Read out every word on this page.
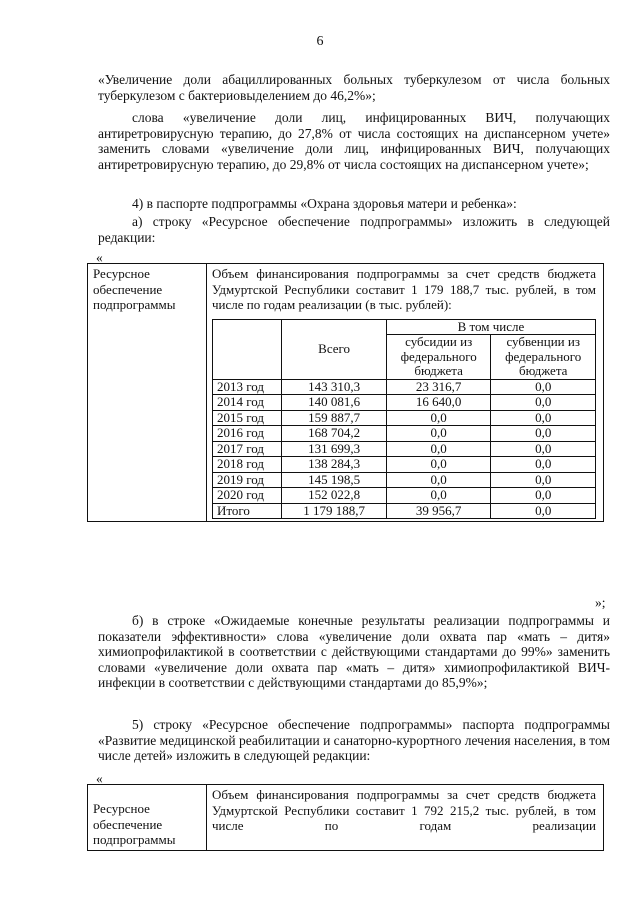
6

«Увеличение доли абациллированных больных туберкулезом от числа больных туберкулезом с бактериовыделением до 46,2%»;

слова «увеличение доли лиц, инфицированных ВИЧ, получающих антиретровирусную терапию, до 27,8% от числа состоящих на диспансерном учете» заменить словами «увеличение доли лиц, инфицированных ВИЧ, получающих антиретровирусную терапию, до 29,8% от числа состоящих на диспансерном учете»;

4) в паспорте подпрограммы «Охрана здоровья матери и ребенка»:

а) строку «Ресурсное обеспечение подпрограммы» изложить в следующей редакции:

«
Ресурсное обеспечение подпрограммы	
Объем финансирования подпрограммы за счет средств бюджета Удмуртской Республики составит 1 179 188,7 тыс. рублей, в том числе по годам реализации (в тыс. рублей):
	Всего	В том числе
субсидии из федерального бюджета	субвенции из федерального бюджета
2013 год	143 310,3	23 316,7	0,0
2014 год	140 081,6	16 640,0	0,0
2015 год	159 887,7	0,0	0,0
2016 год	168 704,2	0,0	0,0
2017 год	131 699,3	0,0	0,0
2018 год	138 284,3	0,0	0,0
2019 год	145 198,5	0,0	0,0
2020 год	152 022,8	0,0	0,0
Итого	1 179 188,7	39 956,7	0,0
»;

б) в строке «Ожидаемые конечные результаты реализации подпрограммы и показатели эффективности» слова «увеличение доли охвата пар «мать – дитя» химиопрофилактикой в соответствии с действующими стандартами до 99%» заменить словами «увеличение доли охвата пар «мать – дитя» химиопрофилактикой ВИЧ-инфекции в соответствии с действующими стандартами до 85,9%»;

5) строку «Ресурсное обеспечение подпрограммы» паспорта подпрограммы «Развитие медицинской реабилитации и санаторно-курортного лечения населения, в том числе детей» изложить в следующей редакции:

«
Ресурсное обеспечение подпрограммы	
Объем финансирования подпрограммы за счет средств бюджета Удмуртской Республики составит 1 792 215,2 тыс. рублей, в том числе по годам реализации
